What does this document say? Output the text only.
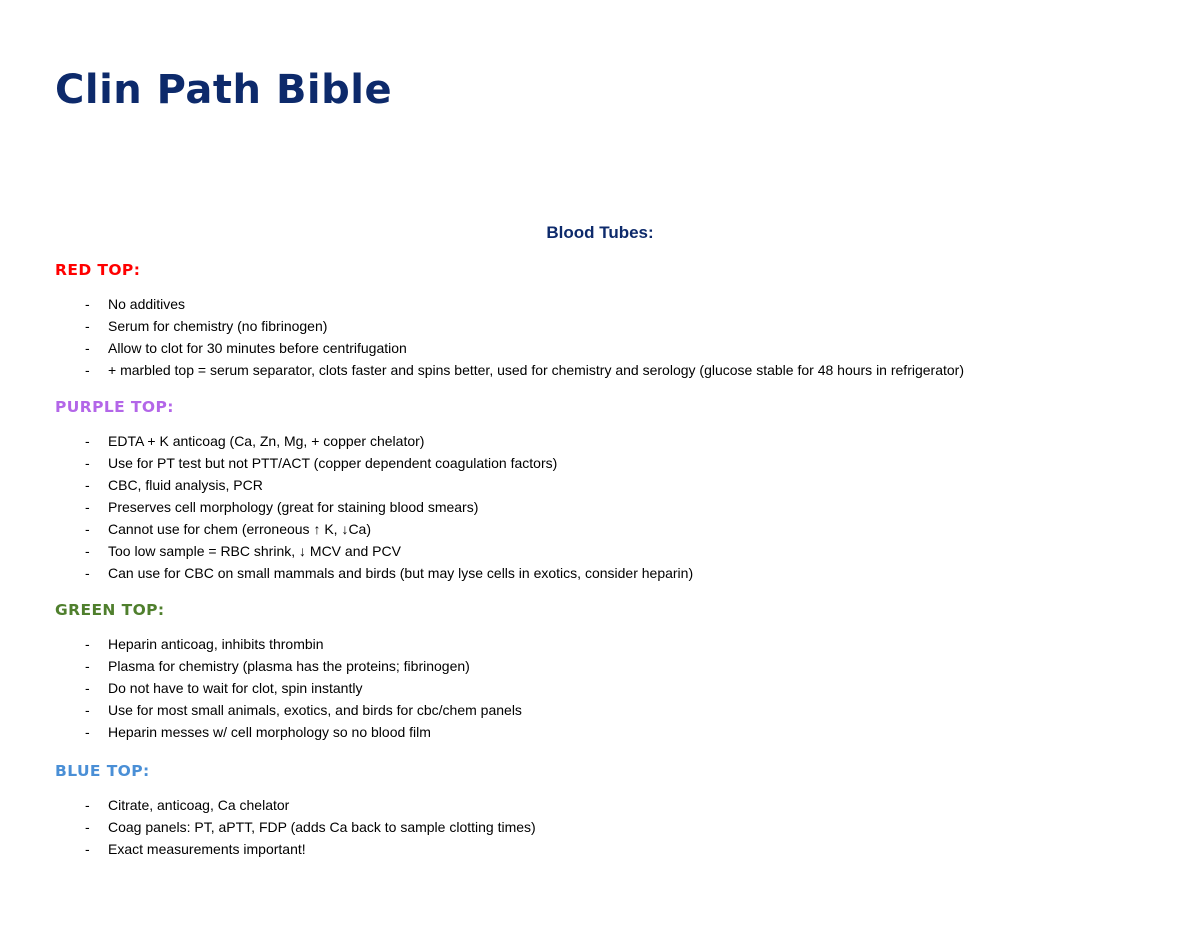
Clin Path Bible
Blood Tubes:
RED TOP:
- No additives
- Serum for chemistry (no fibrinogen)
- Allow to clot for 30 minutes before centrifugation
- + marbled top = serum separator, clots faster and spins better, used for chemistry and serology (glucose stable for 48 hours in refrigerator)
PURPLE TOP:
- EDTA + K anticoag (Ca, Zn, Mg, + copper chelator)
- Use for PT test but not PTT/ACT (copper dependent coagulation factors)
- CBC, fluid analysis, PCR
- Preserves cell morphology (great for staining blood smears)
- Cannot use for chem (erroneous ↑ K, ↓Ca)
- Too low sample = RBC shrink, ↓ MCV and PCV
- Can use for CBC on small mammals and birds (but may lyse cells in exotics, consider heparin)
GREEN TOP:
- Heparin anticoag, inhibits thrombin
- Plasma for chemistry (plasma has the proteins; fibrinogen)
- Do not have to wait for clot, spin instantly
- Use for most small animals, exotics, and birds for cbc/chem panels
- Heparin messes w/ cell morphology so no blood film
BLUE TOP:
- Citrate, anticoag, Ca chelator
- Coag panels: PT, aPTT, FDP (adds Ca back to sample clotting times)
- Exact measurements important!
